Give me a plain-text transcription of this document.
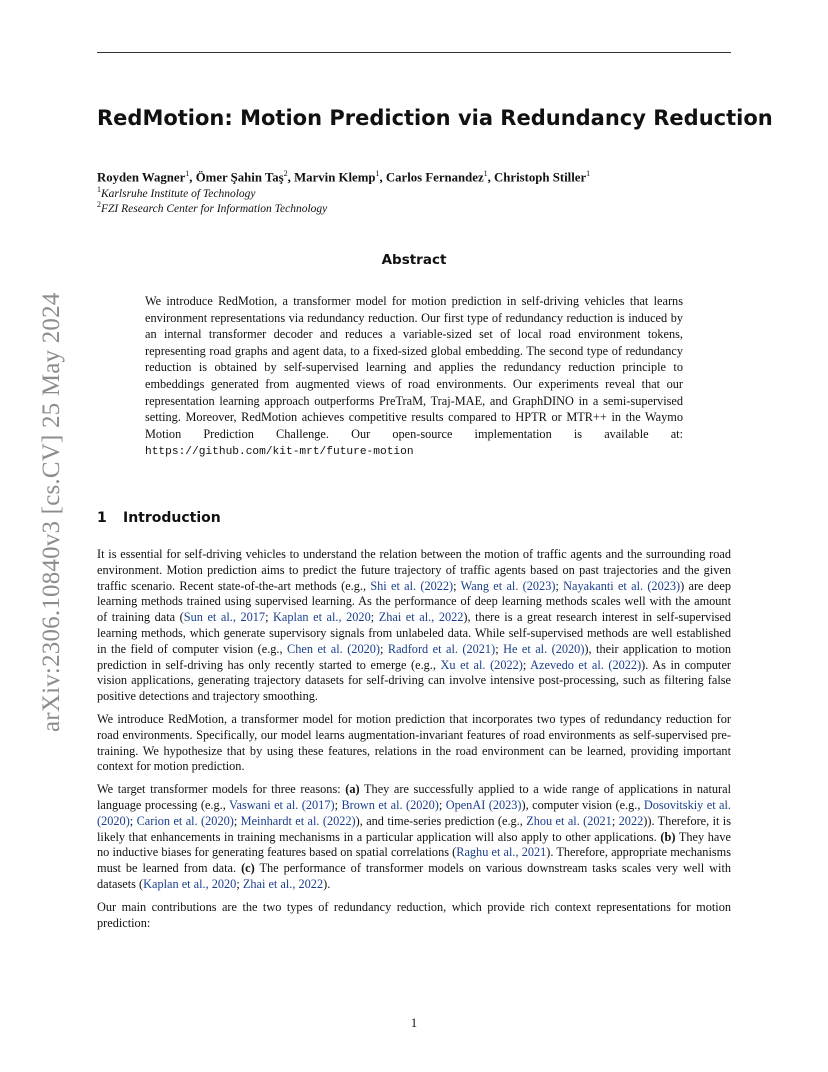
arXiv:2306.10840v3 [cs.CV] 25 May 2024
RedMotion: Motion Prediction via Redundancy Reduction
Royden Wagner$^1$, Ömer Şahin Taş$^2$, Marvin Klemp$^1$, Carlos Fernandez$^1$, Christoph Stiller$^1$
$^1$Karlsruhe Institute of Technology
$^2$FZI Research Center for Information Technology
Abstract
We introduce RedMotion, a transformer model for motion prediction in self-driving vehicles that learns environment representations via redundancy reduction. Our first type of redundancy reduction is induced by an internal transformer decoder and reduces a variable-sized set of local road environment tokens, representing road graphs and agent data, to a fixed-sized global embedding. The second type of redundancy reduction is obtained by self-supervised learning and applies the redundancy reduction principle to embeddings generated from augmented views of road environments. Our experiments reveal that our representation learning approach outperforms PreTraM, Traj-MAE, and GraphDINO in a semi-supervised setting. Moreover, RedMotion achieves competitive results compared to HPTR or MTR++ in the Waymo Motion Prediction Challenge. Our open-source implementation is available at: https://github.com/kit-mrt/future-motion
1 Introduction

It is essential for self-driving vehicles to understand the relation between the motion of traffic agents and the surrounding road environment. Motion prediction aims to predict the future trajectory of traffic agents based on past trajectories and the given traffic scenario. Recent state-of-the-art methods (e.g., Shi et al. (2022); Wang et al. (2023); Nayakanti et al. (2023)) are deep learning methods trained using supervised learning. As the performance of deep learning methods scales well with the amount of training data (Sun et al., 2017; Kaplan et al., 2020; Zhai et al., 2022), there is a great research interest in self-supervised learning methods, which generate supervisory signals from unlabeled data. While self-supervised methods are well established in the field of computer vision (e.g., Chen et al. (2020); Radford et al. (2021); He et al. (2020)), their application to motion prediction in self-driving has only recently started to emerge (e.g., Xu et al. (2022); Azevedo et al. (2022)). As in computer vision applications, generating trajectory datasets for self-driving can involve intensive post-processing, such as filtering false positive detections and trajectory smoothing.

We introduce RedMotion, a transformer model for motion prediction that incorporates two types of redundancy reduction for road environments. Specifically, our model learns augmentation-invariant features of road environments as self-supervised pre-training. We hypothesize that by using these features, relations in the road environment can be learned, providing important context for motion prediction.

We target transformer models for three reasons: (a) They are successfully applied to a wide range of applications in natural language processing (e.g., Vaswani et al. (2017); Brown et al. (2020); OpenAI (2023)), computer vision (e.g., Dosovitskiy et al. (2020); Carion et al. (2020); Meinhardt et al. (2022)), and time-series prediction (e.g., Zhou et al. (2021; 2022)). Therefore, it is likely that enhancements in training mechanisms in a particular application will also apply to other applications. (b) They have no inductive biases for generating features based on spatial correlations (Raghu et al., 2021). Therefore, appropriate mechanisms must be learned from data. (c) The performance of transformer models on various downstream tasks scales very well with datasets (Kaplan et al., 2020; Zhai et al., 2022).

Our main contributions are the two types of redundancy reduction, which provide rich context representations for motion prediction:

1
